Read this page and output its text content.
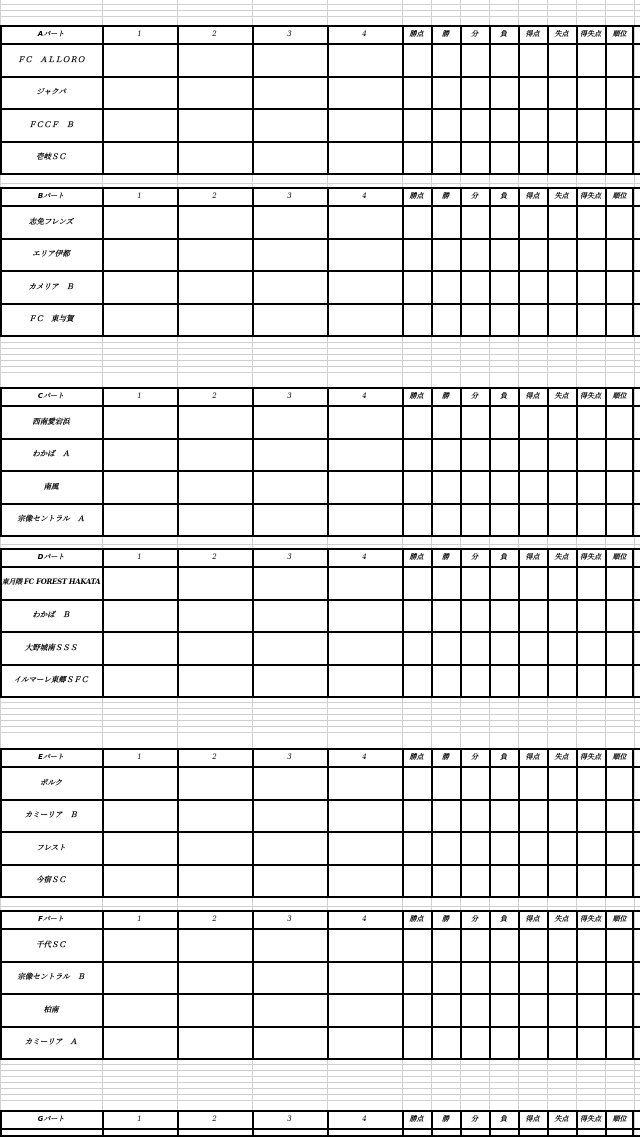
Aパート	1	2	3	4	勝点	勝	分	負	得点	失点	得失点	順位
ＦＣ　ＡＬＬＯＲＯ
ジャクパ
ＦＣＣＦ　Ｂ
壱岐ＳＣ
Bパート	1	2	3	4	勝点	勝	分	負	得点	失点	得失点	順位
志免フレンズ
エリア伊都
カメリア　Ｂ
ＦＣ　東与賀
Cパート	1	2	3	4	勝点	勝	分	負	得点	失点	得失点	順位
西南愛宕浜
わかば　Ａ
南風
宗像セントラル　Ａ
Dパート	1	2	3	4	勝点	勝	分	負	得点	失点	得失点	順位
東月隈 FC FOREST HAKATA
わかば　Ｂ
大野城南ＳＳＳ
イルマーレ東郷ＳＦＣ
Eパート	1	2	3	4	勝点	勝	分	負	得点	失点	得失点	順位
ポルク
カミーリア　Ｂ
フレスト
今宿ＳＣ
Fパート	1	2	3	4	勝点	勝	分	負	得点	失点	得失点	順位
千代ＳＣ
宗像セントラル　Ｂ
柏南
カミーリア　Ａ
Gパート	1	2	3	4	勝点	勝	分	負	得点	失点	得失点	順位
